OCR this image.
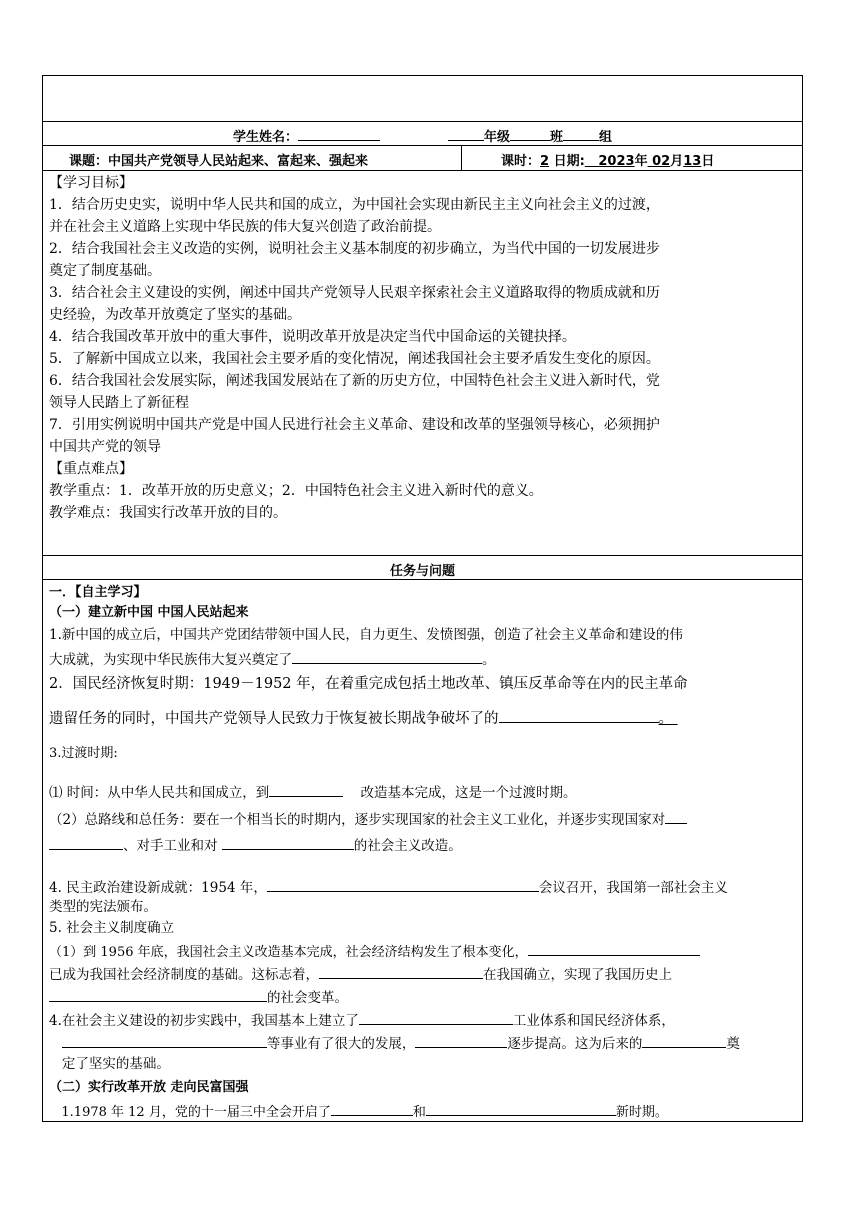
学生姓名：	年级	班	组
课题：中国共产党领导人民站起来、富起来、强起来	课时：2 日期: 2023年 02月13日
【学习目标】
1．结合历史史实，说明中华人民共和国的成立，为中国社会实现由新民主主义向社会主义的过渡，
并在社会主义道路上实现中华民族的伟大复兴创造了政治前提。
2．结合我国社会主义改造的实例，说明社会主义基本制度的初步确立，为当代中国的一切发展进步
奠定了制度基础。
3．结合社会主义建设的实例，阐述中国共产党领导人民艰辛探索社会主义道路取得的物质成就和历
史经验，为改革开放奠定了坚实的基础。
4．结合我国改革开放中的重大事件，说明改革开放是决定当代中国命运的关键抉择。
5．了解新中国成立以来，我国社会主要矛盾的变化情况，阐述我国社会主要矛盾发生变化的原因。
6．结合我国社会发展实际，阐述我国发展站在了新的历史方位，中国特色社会主义进入新时代，党
领导人民踏上了新征程
7．引用实例说明中国共产党是中国人民进行社会主义革命、建设和改革的坚强领导核心，必须拥护
中国共产党的领导
【重点难点】
教学重点：1．改革开放的历史意义；2．中国特色社会主义进入新时代的意义。
教学难点：我国实行改革开放的目的。
任务与问题
一．【自主学习】
（一）建立新中国 中国人民站起来
1.新中国的成立后，中国共产党团结带领中国人民，自力更生、发愤图强，创造了社会主义革命和建设的伟
大成就，为实现中华民族伟大复兴奠定了	。
2．国民经济恢复时期：1949－1952 年，在着重完成包括土地改革、镇压反革命等在内的民主革命
遗留任务的同时，中国共产党领导人民致力于恢复被长期战争破坏了的	。
3.过渡时期:
⑴ 时间：从中华人民共和国成立，到	改造基本完成，这是一个过渡时期。
（2）总路线和总任务：要在一个相当长的时期内，逐步实现国家的社会主义工业化，并逐步实现国家对
、对手工业和对	的社会主义改造。
4. 民主政治建设新成就：1954 年，	会议召开，我国第一部社会主义
类型的宪法颁布。
5. 社会主义制度确立
（1）到 1956 年底，我国社会主义改造基本完成，社会经济结构发生了根本变化，
已成为我国社会经济制度的基础。这标志着，	在我国确立，实现了我国历史上
的社会变革。
4.在社会主义建设的初步实践中，我国基本上建立了	工业体系和国民经济体系，
等事业有了很大的发展，	逐步提高。这为后来的	奠
定了坚实的基础。
（二）实行改革开放 走向民富国强
1.1978 年 12 月，党的十一届三中全会开启了	和	新时期。
